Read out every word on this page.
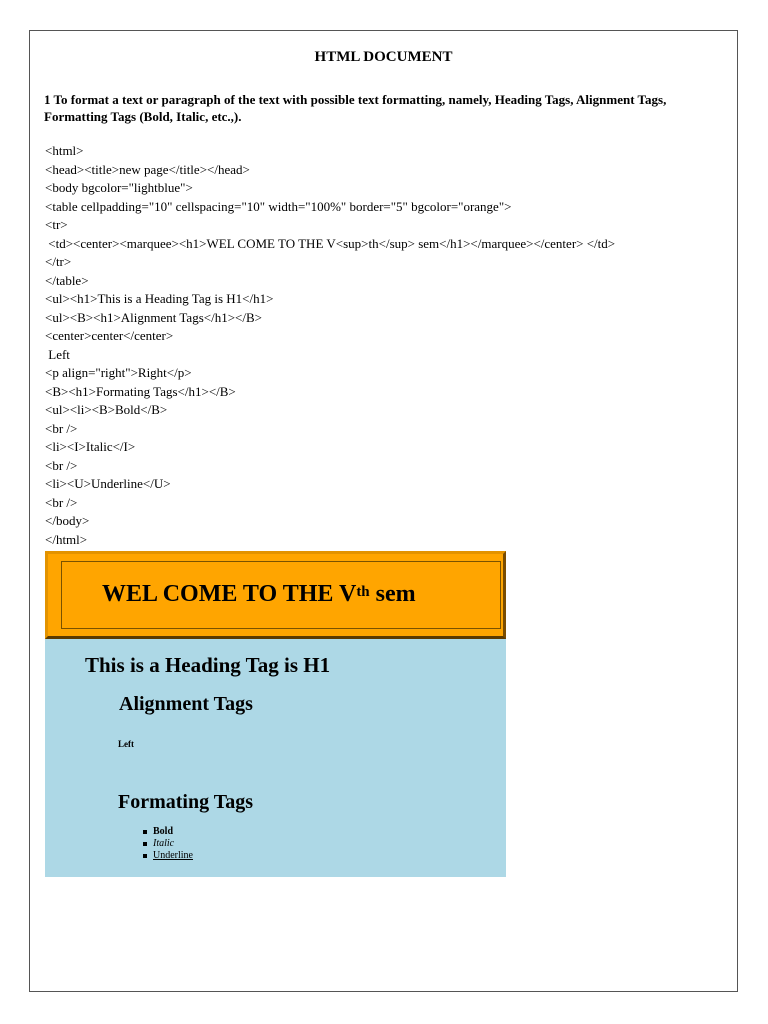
HTML DOCUMENT
1 To format a text or paragraph of the text with possible text formatting, namely, Heading Tags, Alignment Tags, Formatting Tags (Bold, Italic, etc.,).
<html>
<head><title>new page</title></head>
<body bgcolor="lightblue">
<table cellpadding="10" cellspacing="10" width="100%" border="5" bgcolor="orange">
<tr>
<td><center><marquee><h1>WEL COME TO THE V<sup>th</sup> sem</h1></marquee></center> </td>
</tr>
</table>
<ul><h1>This is a Heading Tag is H1</h1>
<ul><B><h1>Alignment Tags</h1></B>
<center>center</center>
Left
<p align="right">Right</p>
<B><h1>Formating Tags</h1></B>
<ul><li><B>Bold</B>
<br />
<li><I>Italic</I>
<br />
<li><U>Underline</U>
<br />
</body>
</html>
WEL COME TO THE Vth sem
This is a Heading Tag is H1
Alignment Tags
Left
Formating Tags
Bold
Italic
Underline
